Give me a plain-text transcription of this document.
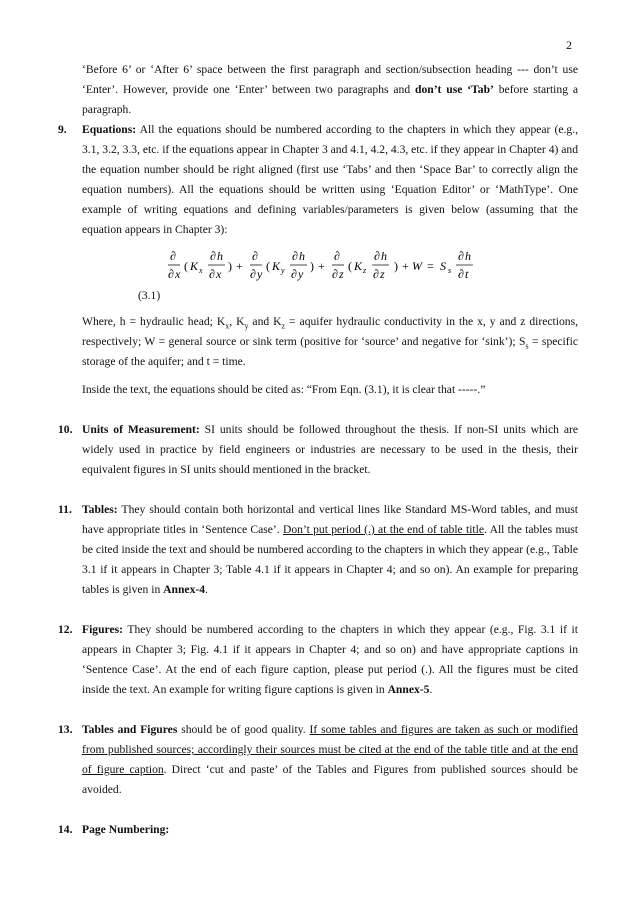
2
‘Before 6’ or ‘After 6’ space between the first paragraph and section/subsection heading --- don’t use ‘Enter’. However, provide one ‘Enter’ between two paragraphs and don’t use ‘Tab’ before starting a paragraph.
9.	Equations: All the equations should be numbered according to the chapters in which they appear (e.g., 3.1, 3.2, 3.3, etc. if the equations appear in Chapter 3 and 4.1, 4.2, 4.3, etc. if they appear in Chapter 4) and the equation number should be right aligned (first use ‘Tabs’ and then ‘Space Bar’ to correctly align the equation numbers). All the equations should be written using ‘Equation Editor’ or ‘MathType’. One example of writing equations and defining variables/parameters is given below (assuming that the equation appears in Chapter 3):
∂
∂ x
( K x
∂ h
∂ x
) +
∂
∂ y
( K y
∂ h
∂ y
) +
∂
∂ z
( K z
∂ h
∂ z
) + W = S s
∂ h
∂ t
(3.1)
Where, h = hydraulic head; $K_x$, $K_y$ and $K_z$ = aquifer hydraulic conductivity in the x, y and z directions, respectively; W = general source or sink term (positive for ‘source’ and negative for ‘sink’); $S_s$ = specific storage of the aquifer; and t = time.
Inside the text, the equations should be cited as: “From Eqn. (3.1), it is clear that -----.”
10. Units of Measurement: SI units should be followed throughout the thesis. If non-SI units which are widely used in practice by field engineers or industries are necessary to be used in the thesis, their equivalent figures in SI units should mentioned in the bracket.
11. Tables: They should contain both horizontal and vertical lines like Standard MS-Word tables, and must have appropriate titles in ‘Sentence Case’. Don’t put period (.) at the end of table title. All the tables must be cited inside the text and should be numbered according to the chapters in which they appear (e.g., Table 3.1 if it appears in Chapter 3; Table 4.1 if it appears in Chapter 4; and so on). An example for preparing tables is given in Annex-4.
12. Figures: They should be numbered according to the chapters in which they appear (e.g., Fig. 3.1 if it appears in Chapter 3; Fig. 4.1 if it appears in Chapter 4; and so on) and have appropriate captions in ‘Sentence Case’. At the end of each figure caption, please put period (.). All the figures must be cited inside the text. An example for writing figure captions is given in Annex-5.
13. Tables and Figures should be of good quality. If some tables and figures are taken as such or modified from published sources; accordingly their sources must be cited at the end of the table title and at the end of figure caption. Direct ‘cut and paste’ of the Tables and Figures from published sources should be avoided.
14. Page Numbering:
